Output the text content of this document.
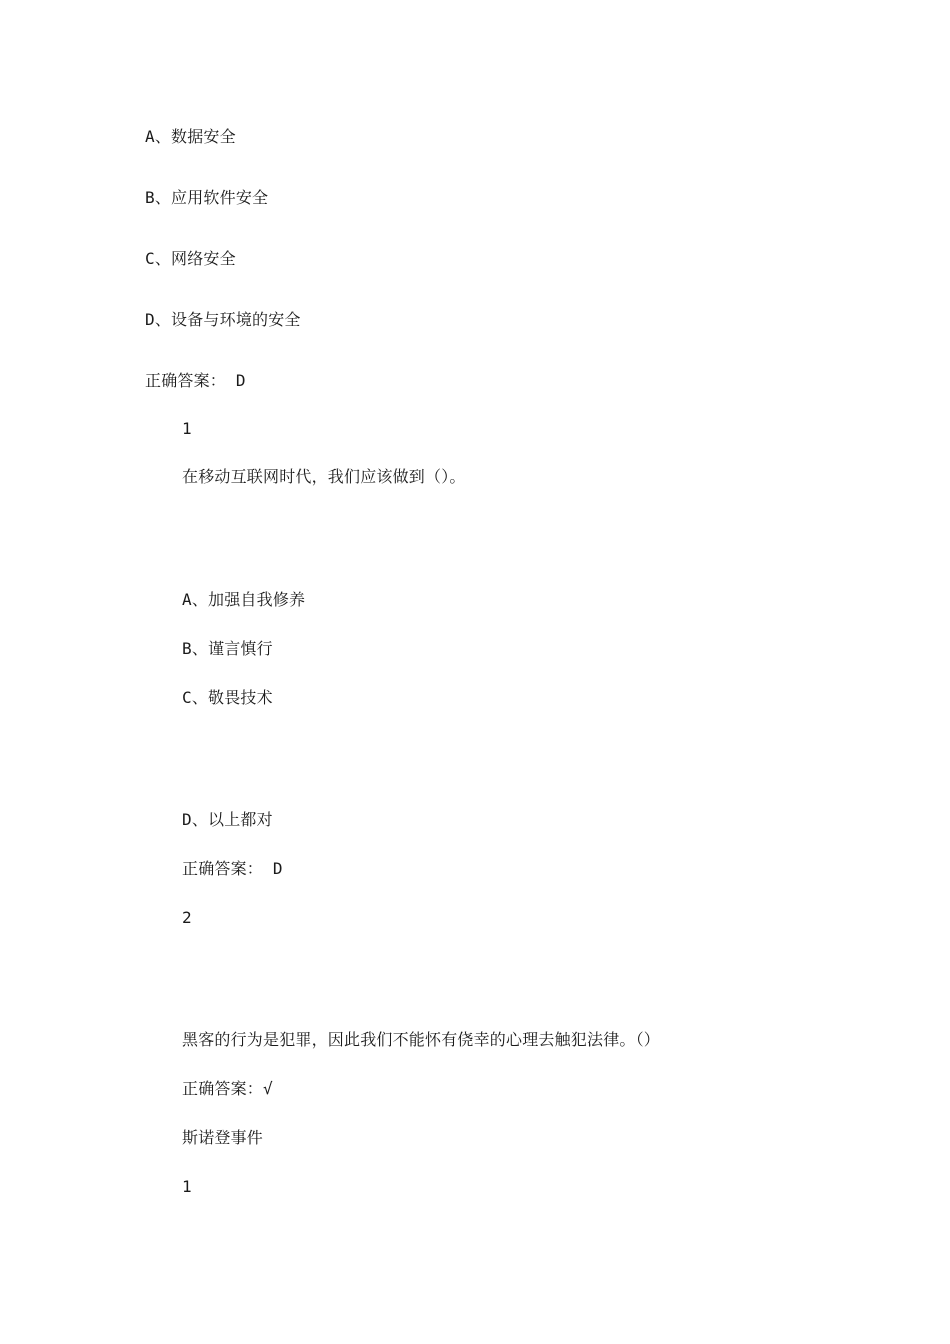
A、数据安全
B、应用软件安全
C、网络安全
D、设备与环境的安全
正确答案： D
1
在移动互联网时代，我们应该做到（）。
A、加强自我修养
B、谨言慎行
C、敬畏技术
D、以上都对
正确答案： D
2
黑客的行为是犯罪，因此我们不能怀有侥幸的心理去触犯法律。（）
正确答案：√
斯诺登事件
1
